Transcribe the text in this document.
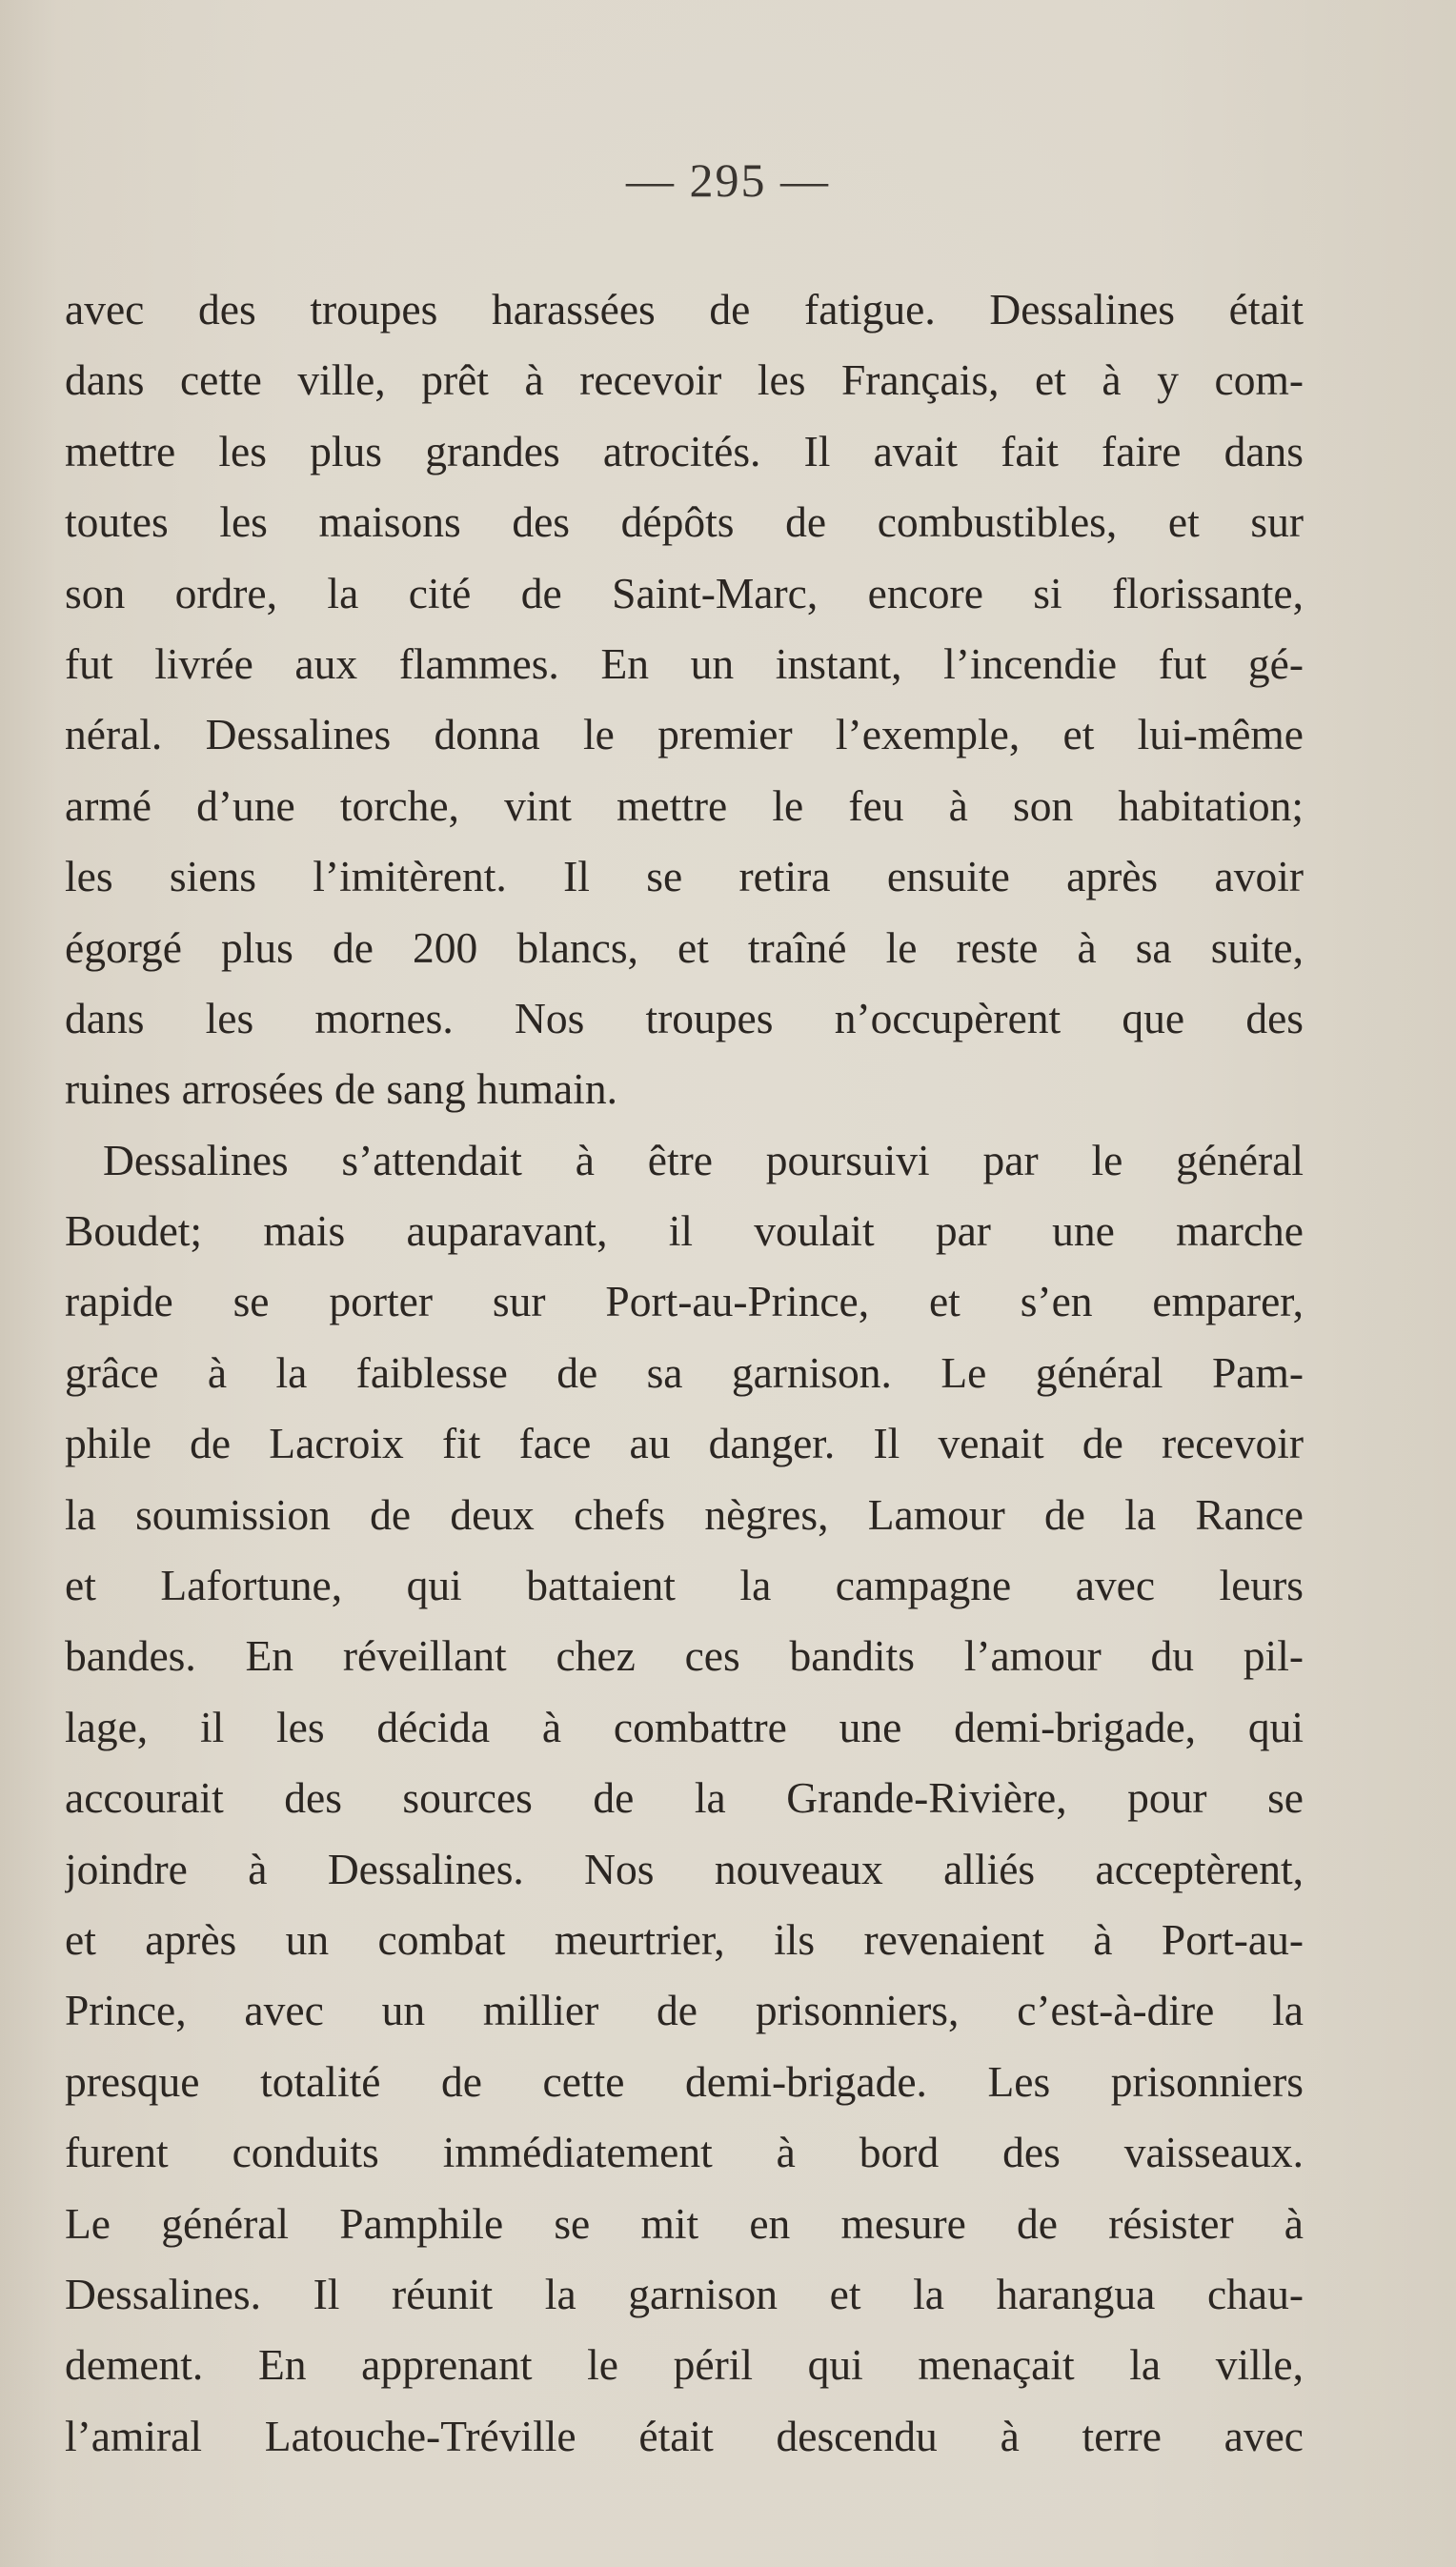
— 295 —
avec des troupes harassées de fatigue. Dessalines était
dans cette ville, prêt à recevoir les Français, et à y com-
mettre les plus grandes atrocités. Il avait fait faire dans
toutes les maisons des dépôts de combustibles, et sur
son ordre, la cité de Saint-Marc, encore si florissante,
fut livrée aux flammes. En un instant, l’incendie fut gé-
néral. Dessalines donna le premier l’exemple, et lui-même
armé d’une torche, vint mettre le feu à son habitation;
les siens l’imitèrent. Il se retira ensuite après avoir
égorgé plus de 200 blancs, et traîné le reste à sa suite,
dans les mornes. Nos troupes n’occupèrent que des
ruines arrosées de sang humain.
Dessalines s’attendait à être poursuivi par le général
Boudet; mais auparavant, il voulait par une marche
rapide se porter sur Port-au-Prince, et s’en emparer,
grâce à la faiblesse de sa garnison. Le général Pam-
phile de Lacroix fit face au danger. Il venait de recevoir
la soumission de deux chefs nègres, Lamour de la Rance
et Lafortune, qui battaient la campagne avec leurs
bandes. En réveillant chez ces bandits l’amour du pil-
lage, il les décida à combattre une demi-brigade, qui
accourait des sources de la Grande-Rivière, pour se
joindre à Dessalines. Nos nouveaux alliés acceptèrent,
et après un combat meurtrier, ils revenaient à Port-au-
Prince, avec un millier de prisonniers, c’est-à-dire la
presque totalité de cette demi-brigade. Les prisonniers
furent conduits immédiatement à bord des vaisseaux.
Le général Pamphile se mit en mesure de résister à
Dessalines. Il réunit la garnison et la harangua chau-
dement. En apprenant le péril qui menaçait la ville,
l’amiral Latouche-Tréville était descendu à terre avec
